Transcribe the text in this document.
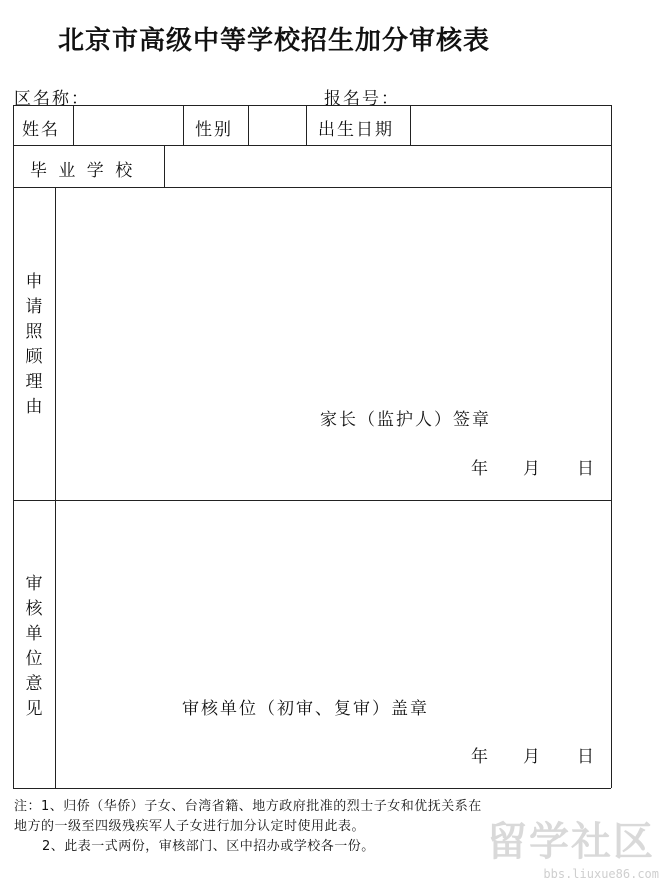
北京市高级中等学校招生加分审核表
区名称：	报名号：
姓名	性别	出生日期
毕 业 学 校
申请照顾理由
家长（监护人）签章
年 月 日
审核单位意见	审核单位（初审、复审）盖章
年 月 日
注：1、归侨（华侨）子女、台湾省籍、地方政府批准的烈士子女和优抚关系在
地方的一级至四级残疾军人子女进行加分认定时使用此表。
2、此表一式两份，审核部门、区中招办或学校各一份。	留学社区
bbs.liuxue86.com
